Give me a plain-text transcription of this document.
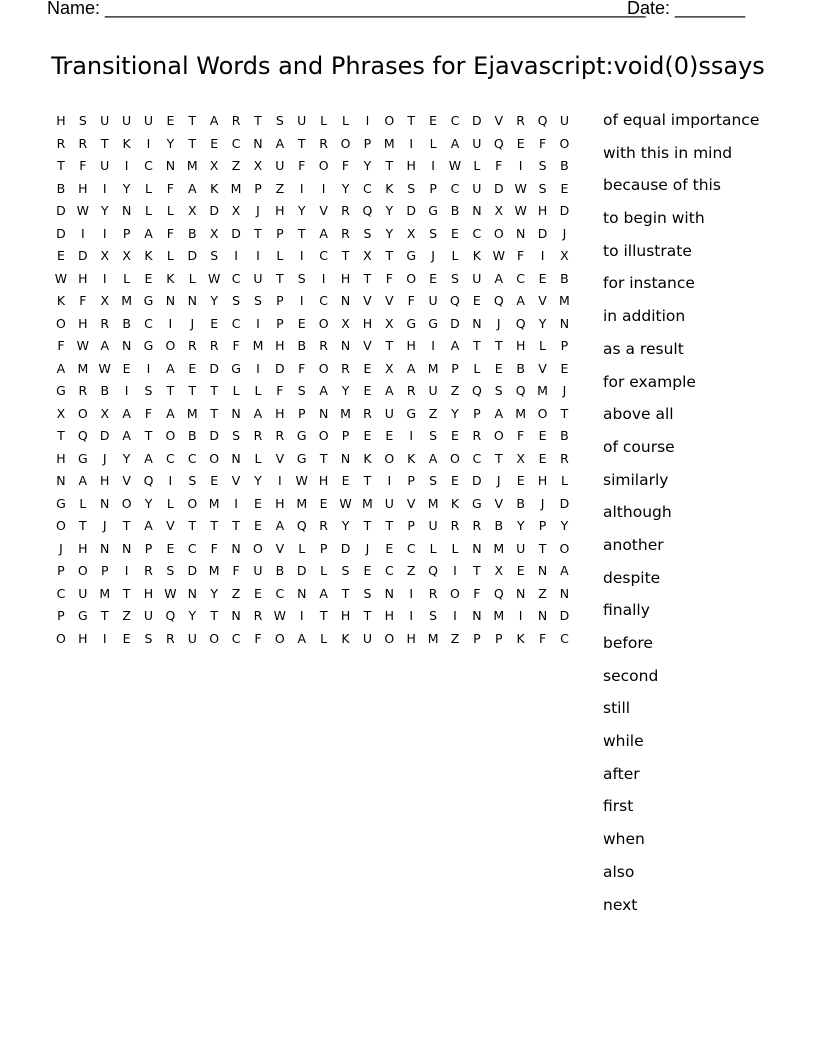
Name: ______________________________________________________
Date: _______
Transitional Words and Phrases for Ejavascript:void(0)ssays
H	S	U	U	U	E	T	A	R	T	S	U	L	L	I	O	T	E	C	D	V	R	Q U
R	R	T	K	I	Y	T	E	C	N	A	T	R	O	P	M	I	L	A	U Q	E	F	O
T	F	U	I	C	N M X	Z	X	U	F	O	F	Y	T	H	I	W L	F	I	S	B
B	H	I	Y	L	F	A	K M	P	Z	I	I	Y	C	K	S	P	C	U	D W S	E
D W Y	N	L	L	X	D	X	J	H	Y	V	R	Q	Y	D G	B	N	X W H D
D	I	I	P	A	F	B	X	D	T	P	T	A	R	S	Y	X	S	E	C	O N D	J
E	D	X	X	K	L	D	S	I	I	L	I	C	T	X	T	G	J	L	K W F	I	X
W H	I	L	E	K	L W C	U	T	S	I	H	T	F	O	E	S	U	A	C	E	B
K	F	X M G N	N	Y	S	S	P	I	C	N	V	V	F	U Q	E	Q	A	V M
O H	R	B	C	I	J	E	C	I	P	E	O	X	H	X	G G D N	J	Q	Y	N
F W A	N G O	R	R	F	M H	B	R	N	V	T	H	I	A	T	T	H	L	P
A M W E	I	A	E	D G	I	D	F	O	R	E	X	A M	P	L	E	B	V	E
G	R	B	I	S	T	T	T	L	L	F	S	A	Y	E	A	R	U	Z	Q	S	Q M	J
X	O	X	A	F	A M	T	N	A	H	P	N M R	U G	Z	Y	P	A M O	T
T	Q D	A	T	O	B	D	S	R	R	G O	P	E	E	I	S	E	R	O	F	E	B
H G	J	Y	A	C	C	O N	L	V	G	T	N	K	O	K	A	O	C	T	X	E	R
N	A	H	V	Q	I	S	E	V	Y	I	W H	E	T	I	P	S	E	D	J	E	H	L
G	L	N O	Y	L	O M	I	E	H M	E W M U	V M K	G	V	B	J	D
O	T	J	T	A	V	T	T	T	E	A	Q	R	Y	T	T	P	U	R	R	B	Y	P	Y
J	H	N	N	P	E	C	F	N O	V	L	P	D	J	E	C	L	L	N M U	T	O
P	O	P	I	R	S	D M	F	U	B	D	L	S	E	C	Z	Q	I	T	X	E	N	A
C	U M	T	H W N	Y	Z	E	C	N	A	T	S	N	I	R	O	F	Q N	Z	N
P	G	T	Z	U Q	Y	T	N	R W	I	T	H	T	H	I	S	I	N M	I	N D
O H	I	E	S	R	U O	C	F	O	A	L	K	U O H M Z	P	P	K	F	C
of equal importance
with this in mind
because of this
to begin with
to illustrate
for instance
in addition
as a result
for example
above all
of course
similarly
although
another
despite
finally
before
second
still
while
after
first
when
also
next
